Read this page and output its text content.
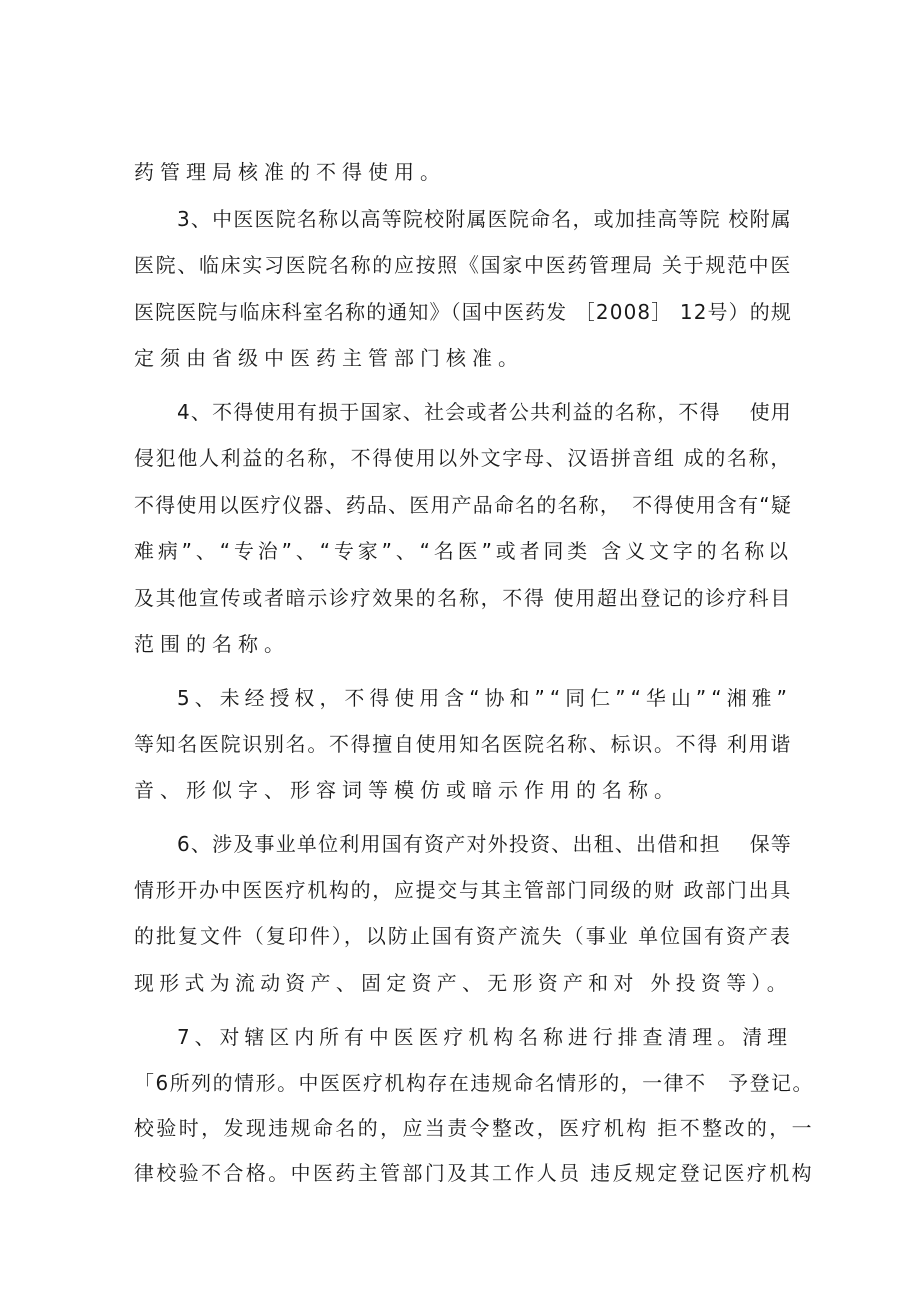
药管理局核准的不得使用。

3、中医医院名称以高等院校附属医院命名，或加挂高等院 校附属

医院、临床实习医院名称的应按照《国家中医药管理局 关于规范中医

医院医院与临床科室名称的通知》（国中医药发 ［2008］ 12号）的规

定须由省级中医药主管部门核准。

4、不得使用有损于国家、社会或者公共利益的名称，不得　 使用

侵犯他人利益的名称，不得使用以外文字母、汉语拼音组 成的名称，

不得使用以医疗仪器、药品、医用产品命名的名称，　不得使用含有“疑

难病”、“专治”、“专家”、“名医”或者同类 含义文字的名称以

及其他宣传或者暗示诊疗效果的名称，不得 使用超出登记的诊疗科目

范围的名称。

5、未经授权，不得使用含“协和”“同仁”“华山”“湘雅”

等知名医院识别名。不得擅自使用知名医院名称、标识。不得 利用谐

音、形似字、形容词等模仿或暗示作用的名称。

6、涉及事业单位利用国有资产对外投资、出租、出借和担　 保等

情形开办中医医疗机构的，应提交与其主管部门同级的财 政部门出具

的批复文件（复印件），以防止国有资产流失（事业 单位国有资产表

现形式为流动资产、固定资产、无形资产和对 外投资等）。

7、对辖区内所有中医医疗机构名称进行排查清理。清理

「6所列的情形。中医医疗机构存在违规命名情形的，一律不　予登记。

校验时，发现违规命名的，应当责令整改，医疗机构 拒不整改的，一

律校验不合格。中医药主管部门及其工作人员 违反规定登记医疗机构
